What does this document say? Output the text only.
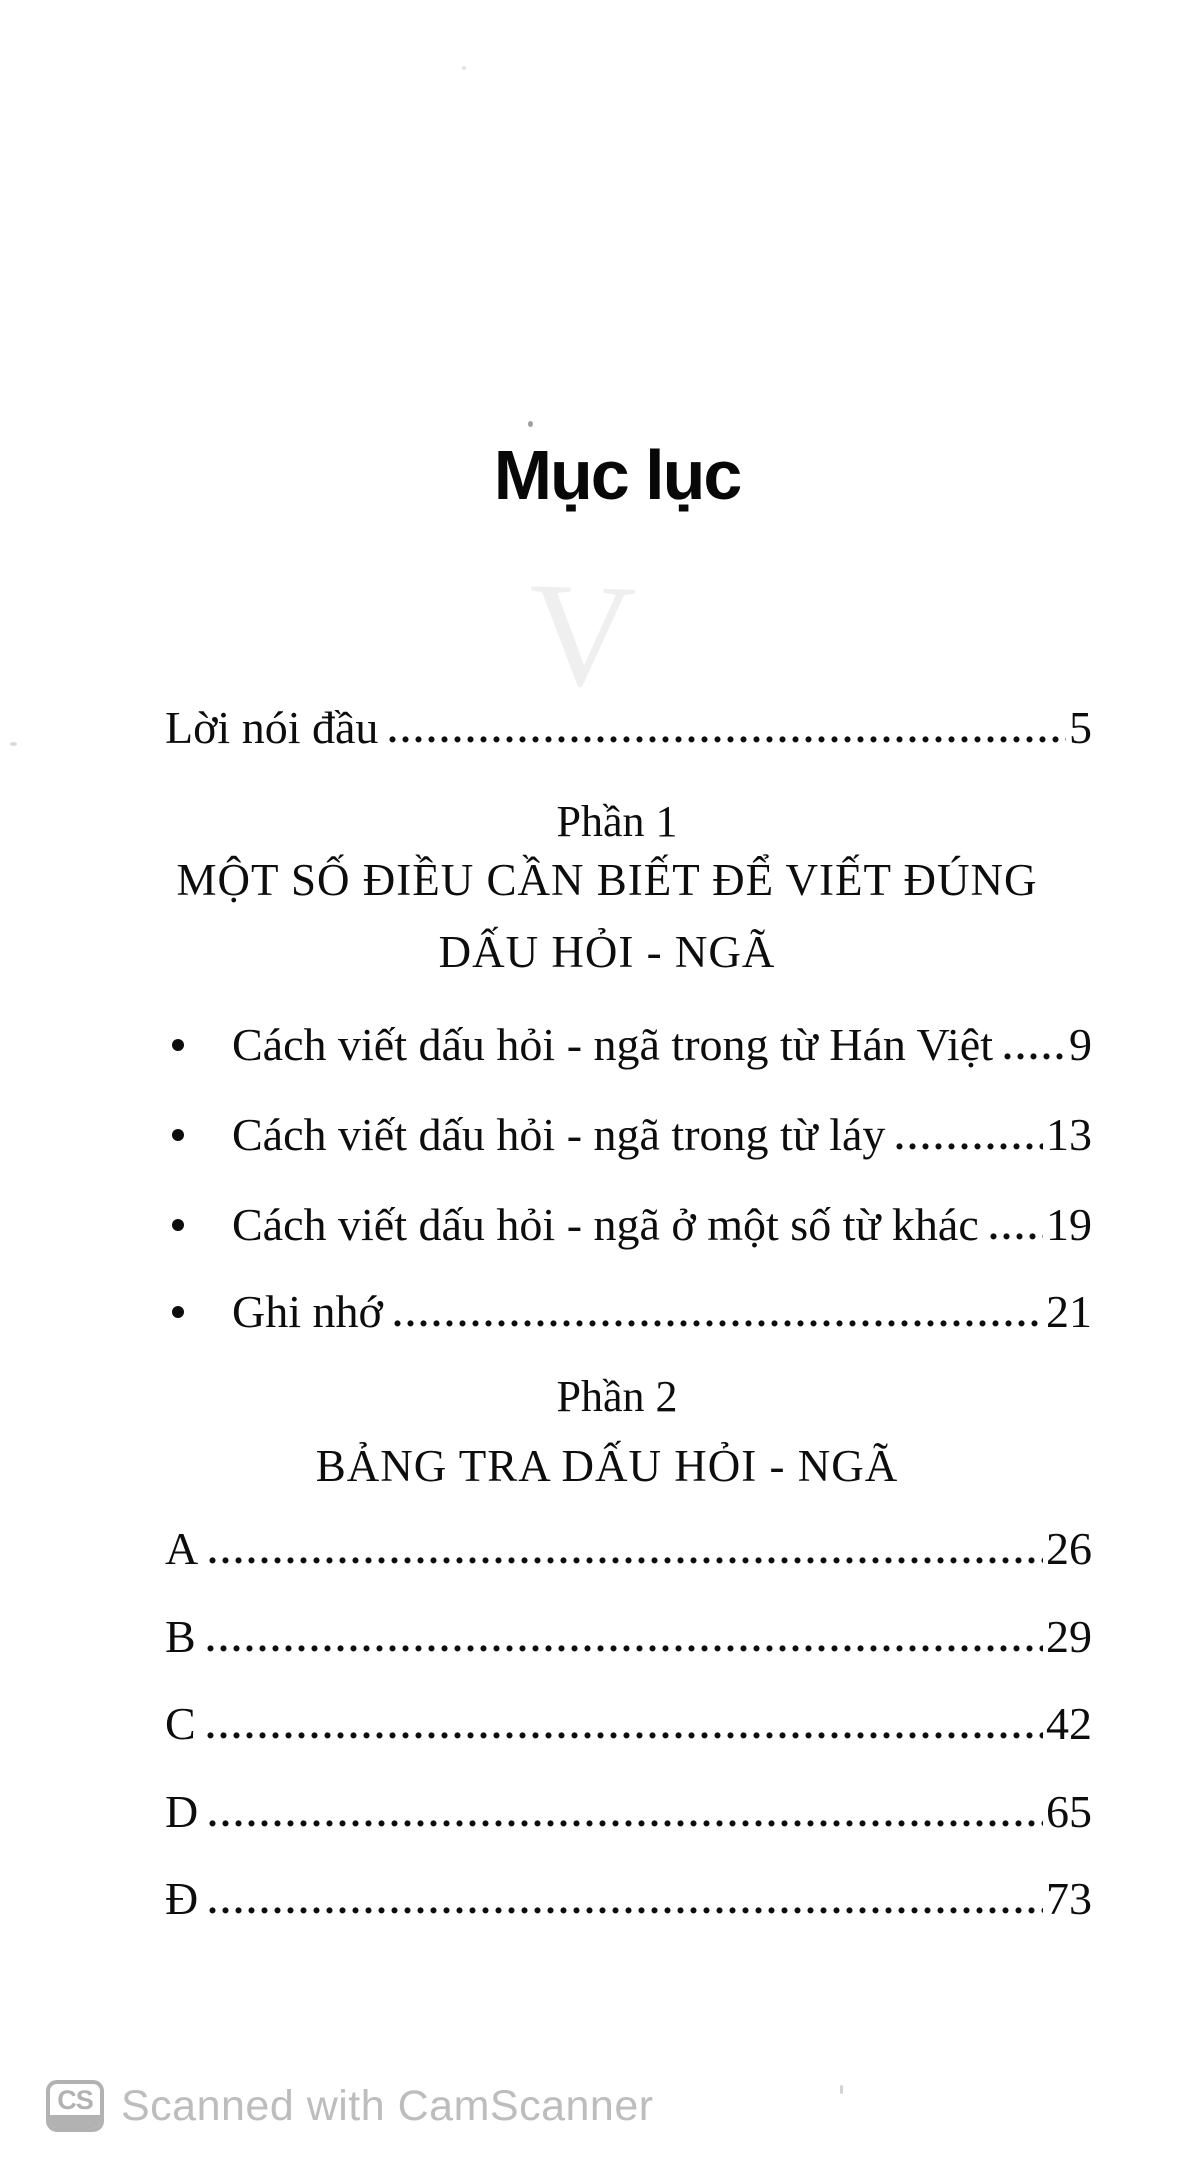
V
Mục lục
Lời nói đầu	5
Phần 1
MỘT SỐ ĐIỀU CẦN BIẾT ĐỂ VIẾT ĐÚNG
DẤU HỎI - NGÃ
Cách viết dấu hỏi - ngã trong từ Hán Việt 9
Cách viết dấu hỏi - ngã trong từ láy	13
Cách viết dấu hỏi - ngã ở một số từ khác 19
Ghi nhớ	21
Phần 2
BẢNG TRA DẤU HỎI - NGÃ
A	26
B	29
C	42
D	65
Đ	73
CS Scanned with CamScanner
